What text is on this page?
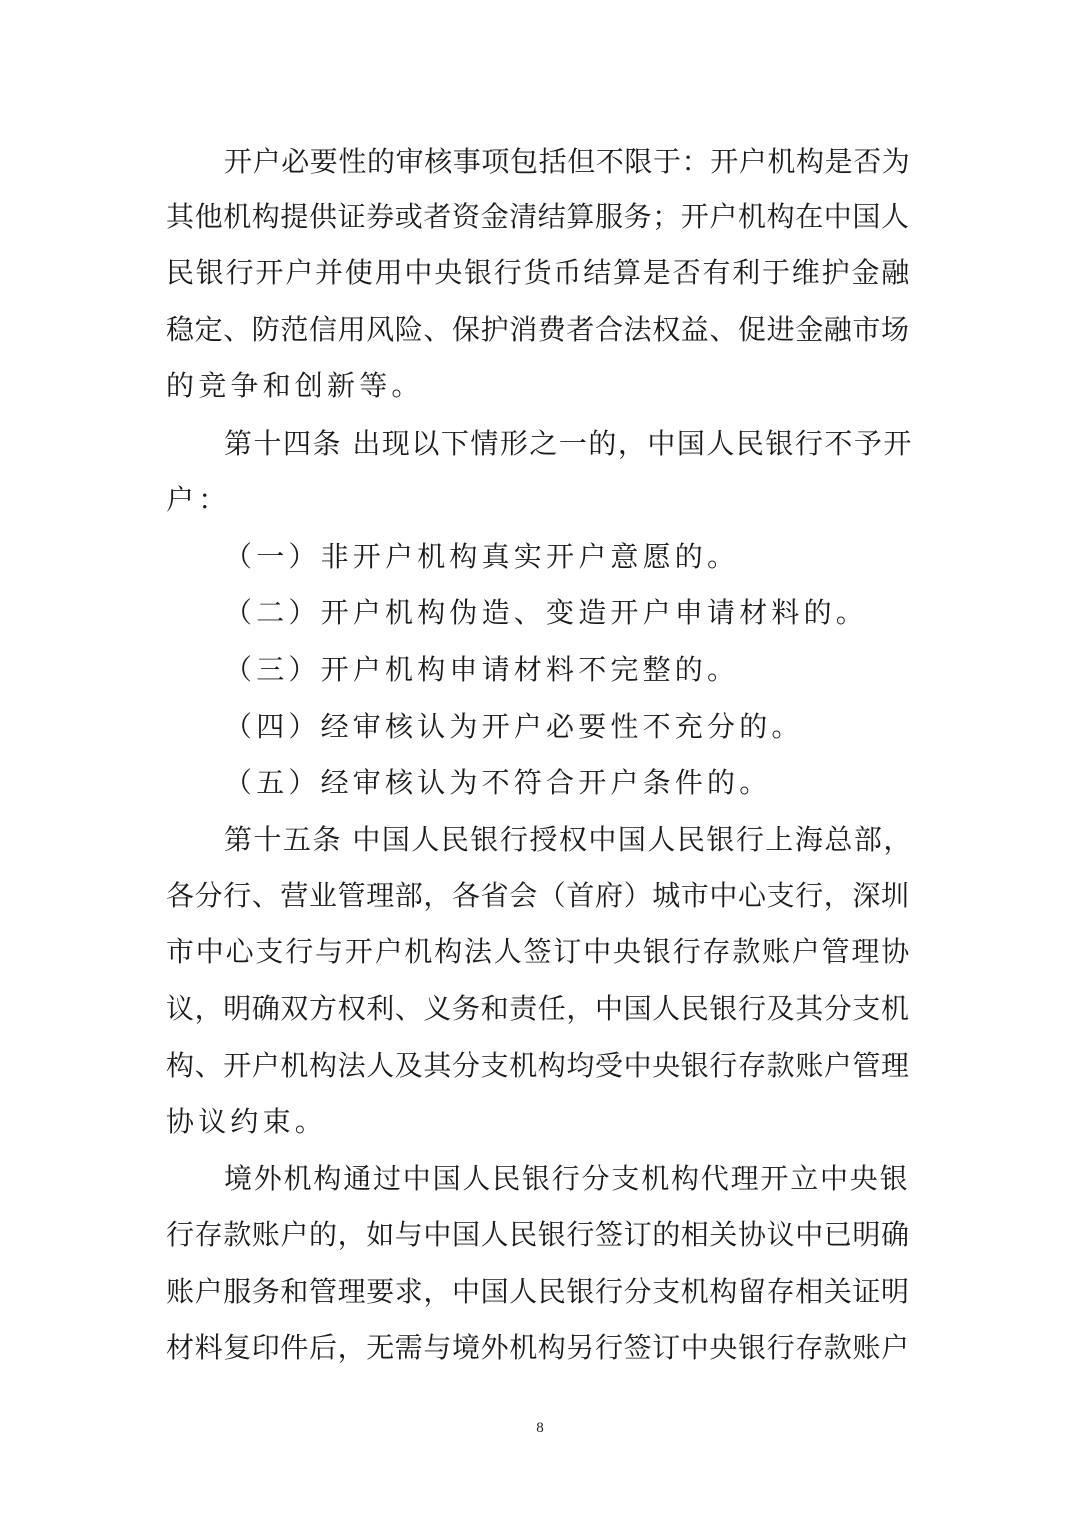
开户必要性的审核事项包括但不限于：开户机构是否为
其他机构提供证券或者资金清结算服务；开户机构在中国人
民银行开户并使用中央银行货币结算是否有利于维护金融
稳定、防范信用风险、保护消费者合法权益、促进金融市场
的竞争和创新等。
第十四条 出现以下情形之一的，中国人民银行不予开
户：
（一）非开户机构真实开户意愿的。
（二）开户机构伪造、变造开户申请材料的。
（三）开户机构申请材料不完整的。
（四）经审核认为开户必要性不充分的。
（五）经审核认为不符合开户条件的。
第十五条 中国人民银行授权中国人民银行上海总部，
各分行、营业管理部，各省会（首府）城市中心支行，深圳
市中心支行与开户机构法人签订中央银行存款账户管理协
议，明确双方权利、义务和责任，中国人民银行及其分支机
构、开户机构法人及其分支机构均受中央银行存款账户管理
协议约束。
境外机构通过中国人民银行分支机构代理开立中央银
行存款账户的，如与中国人民银行签订的相关协议中已明确
账户服务和管理要求，中国人民银行分支机构留存相关证明
材料复印件后，无需与境外机构另行签订中央银行存款账户
8
